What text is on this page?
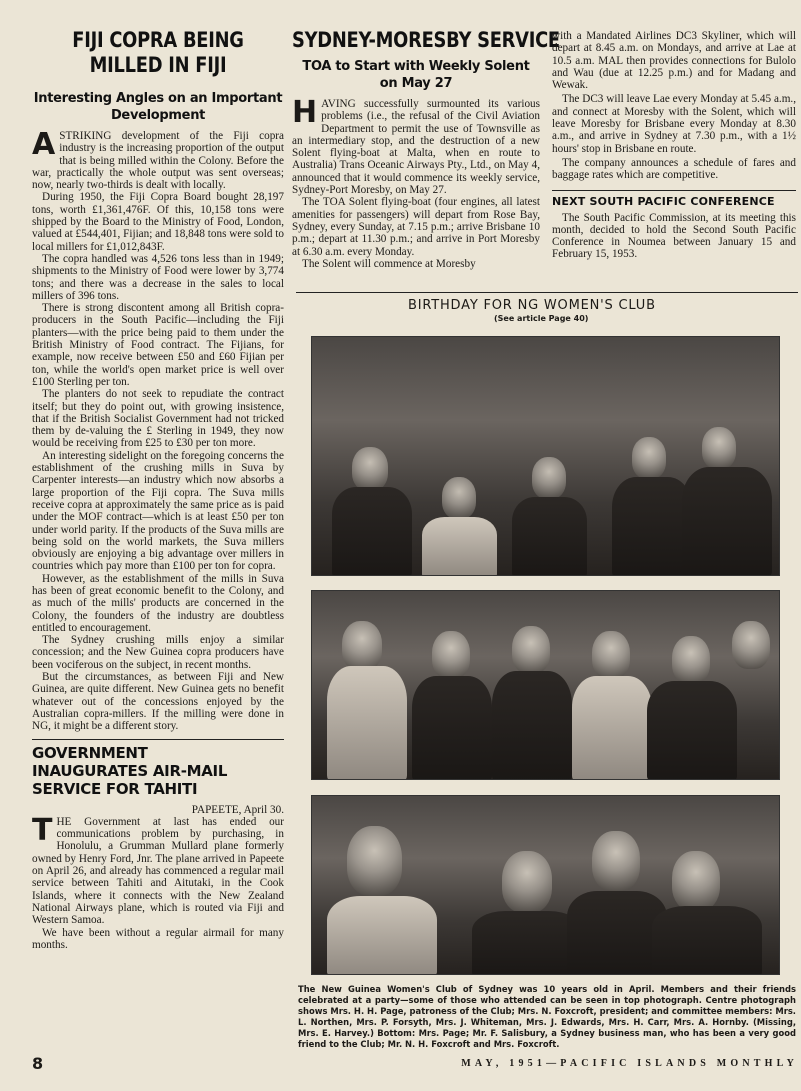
FIJI COPRA BEING MILLED IN FIJI
Interesting Angles on an Important Development

ASTRIKING development of the Fiji copra industry is the increasing proportion of the output that is being milled within the Colony. Before the war, practically the whole output was sent overseas; now, nearly two-thirds is dealt with locally.

During 1950, the Fiji Copra Board bought 28,197 tons, worth £1,361,476F. Of this, 10,158 tons were shipped by the Board to the Ministry of Food, London, valued at £544,401, Fijian; and 18,848 tons were sold to local millers for £1,012,843F.

The copra handled was 4,526 tons less than in 1949; shipments to the Ministry of Food were lower by 3,774 tons; and there was a decrease in the sales to local millers of 396 tons.

There is strong discontent among all British copra-producers in the South Pacific—including the Fiji planters—with the price being paid to them under the British Ministry of Food contract. The Fijians, for example, now receive between £50 and £60 Fijian per ton, while the world's open market price is well over £100 Sterling per ton.

The planters do not seek to repudiate the contract itself; but they do point out, with growing insistence, that if the British Socialist Government had not tricked them by de-valuing the £ Sterling in 1949, they now would be receiving from £25 to £30 per ton more.

An interesting sidelight on the foregoing concerns the establishment of the crushing mills in Suva by Carpenter interests—an industry which now absorbs a large proportion of the Fiji copra. The Suva mills receive copra at approximately the same price as is paid under the MOF contract—which is at least £50 per ton under world parity. If the products of the Suva mills are being sold on the world markets, the Suva millers obviously are enjoying a big advantage over millers in countries which pay more than £100 per ton for copra.

However, as the establishment of the mills in Suva has been of great economic benefit to the Colony, and as much of the mills' products are concerned in the Colony, the founders of the industry are doubtless entitled to encouragement.

The Sydney crushing mills enjoy a similar concession; and the New Guinea copra producers have been vociferous on the subject, in recent months.

But the circumstances, as between Fiji and New Guinea, are quite different. New Guinea gets no benefit whatever out of the concessions enjoyed by the Australian copra-millers. If the milling were done in NG, it might be a different story.

GOVERNMENT INAUGURATES AIR-MAIL SERVICE FOR TAHITI

PAPEETE, April 30.

THE Government at last has ended our communications problem by purchasing, in Honolulu, a Grumman Mullard plane formerly owned by Henry Ford, Jnr. The plane arrived in Papeete on April 26, and already has commenced a regular mail service between Tahiti and Aitutaki, in the Cook Islands, where it connects with the New Zealand National Airways plane, which is routed via Fiji and Western Samoa.

We have been without a regular airmail for many months.

SYDNEY-MORESBY SERVICE
TOA to Start with Weekly Solent on May 27

HAVING successfully surmounted its various problems (i.e., the refusal of the Civil Aviation Department to permit the use of Townsville as an intermediary stop, and the destruction of a new Solent flying-boat at Malta, when en route to Australia) Trans Oceanic Airways Pty., Ltd., on May 4, announced that it would commence its weekly service, Sydney-Port Moresby, on May 27.

The TOA Solent flying-boat (four engines, all latest amenities for passengers) will depart from Rose Bay, Sydney, every Sunday, at 7.15 p.m.; arrive Brisbane 10 p.m.; depart at 11.30 p.m.; and arrive in Port Moresby at 6.30 a.m. every Monday.

The Solent will commence at Moresby

with a Mandated Airlines DC3 Skyliner, which will depart at 8.45 a.m. on Mondays, and arrive at Lae at 10.5 a.m. MAL then provides connections for Bulolo and Wau (due at 12.25 p.m.) and for Madang and Wewak.

The DC3 will leave Lae every Monday at 5.45 a.m., and connect at Moresby with the Solent, which will leave Moresby for Brisbane every Monday at 8.30 a.m., and arrive in Sydney at 7.30 p.m., with a 1½ hours' stop in Brisbane en route.

The company announces a schedule of fares and baggage rates which are competitive.

NEXT SOUTH PACIFIC CONFERENCE

The South Pacific Commission, at its meeting this month, decided to hold the Second South Pacific Conference in Noumea between January 15 and February 15, 1953.

BIRTHDAY FOR NG WOMEN'S CLUB
(See article Page 40)
The New Guinea Women's Club of Sydney was 10 years old in April. Members and their friends celebrated at a party—some of those who attended can be seen in top photograph. Centre photograph shows Mrs. H. H. Page, patroness of the Club; Mrs. N. Foxcroft, president; and committee members: Mrs. L. Northen, Mrs. P. Forsyth, Mrs. J. Whiteman, Mrs. J. Edwards, Mrs. H. Carr, Mrs. A. Hornby. (Missing, Mrs. E. Harvey.) Bottom: Mrs. Page; Mr. F. Salisbury, a Sydney business man, who has been a very good friend to the Club; Mr. N. H. Foxcroft and Mrs. Foxcroft.
8	MAY, 1951—PACIFIC ISLANDS MONTHLY
